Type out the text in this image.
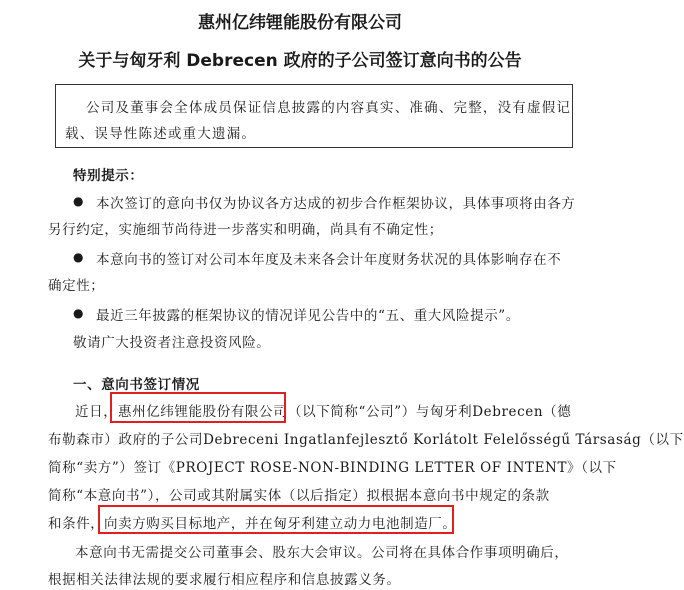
惠州亿纬锂能股份有限公司
关于与匈牙利 Debrecen 政府的子公司签订意向书的公告
公司及董事会全体成员保证信息披露的内容真实、准确、完整，没有虚假记
载、误导性陈述或重大遗漏。
特别提示：
● 本次签订的意向书仅为协议各方达成的初步合作框架协议，具体事项将由各方
另行约定，实施细节尚待进一步落实和明确，尚具有不确定性；
● 本意向书的签订对公司本年度及未来各会计年度财务状况的具体影响存在不
确定性；
● 最近三年披露的框架协议的情况详见公告中的“五、重大风险提示”。
敬请广大投资者注意投资风险。
一、意向书签订情况
近日， 惠州亿纬锂能股份有限公司 （以下简称“公司”）与匈牙利Debrecen（德
布勒森市）政府的子公司Debreceni Ingatlanfejlesztő Korlátolt Felelősségű Társaság（以下
简称“卖方”）签订《PROJECT ROSE-NON-BINDING LETTER OF INTENT》（以下
简称“本意向书”），公司或其附属实体（以后指定）拟根据本意向书中规定的条款
和条件， 向卖方购买目标地产，并在匈牙利建立动力电池制造厂。
本意向书无需提交公司董事会、股东大会审议。公司将在具体合作事项明确后，
根据相关法律法规的要求履行相应程序和信息披露义务。
